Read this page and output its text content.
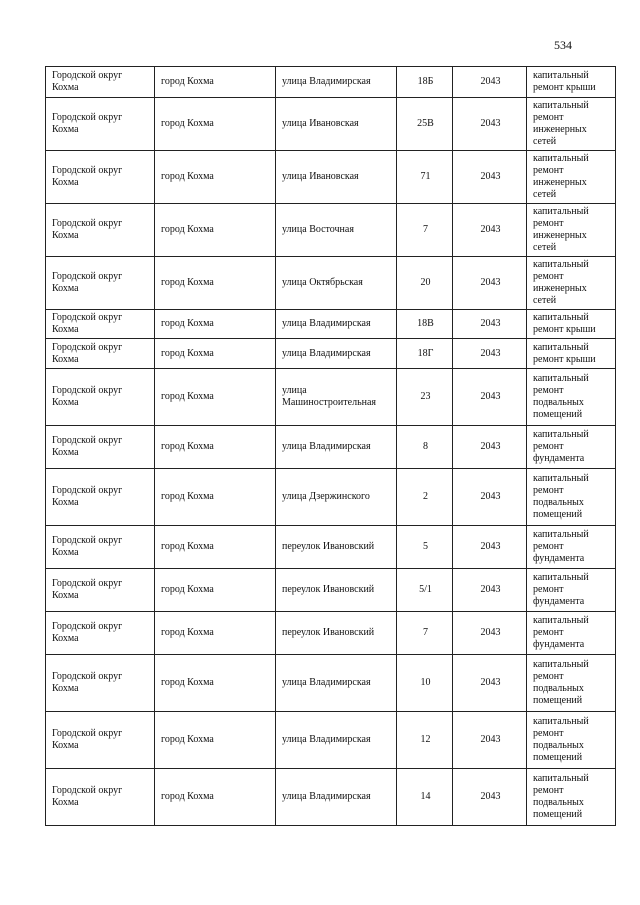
534
Городской округ Кохма	город Кохма	улица Владимирская	18Б	2043	капитальный ремонт крыши
Городской округ Кохма	город Кохма	улица Ивановская	25В	2043	капитальный ремонт инженерных сетей
Городской округ Кохма	город Кохма	улица Ивановская	71	2043	капитальный ремонт инженерных сетей
Городской округ Кохма	город Кохма	улица Восточная	7	2043	капитальный ремонт инженерных сетей
Городской округ Кохма	город Кохма	улица Октябрьская	20	2043	капитальный ремонт инженерных сетей
Городской округ Кохма	город Кохма	улица Владимирская	18В	2043	капитальный ремонт крыши
Городской округ Кохма	город Кохма	улица Владимирская	18Г	2043	капитальный ремонт крыши
Городской округ Кохма	город Кохма	улица Машиностроительная	23	2043	капитальный ремонт подвальных помещений
Городской округ Кохма	город Кохма	улица Владимирская	8	2043	капитальный ремонт фундамента
Городской округ Кохма	город Кохма	улица Дзержинского	2	2043	капитальный ремонт подвальных помещений
Городской округ Кохма	город Кохма	переулок Ивановский	5	2043	капитальный ремонт фундамента
Городской округ Кохма	город Кохма	переулок Ивановский	5/1	2043	капитальный ремонт фундамента
Городской округ Кохма	город Кохма	переулок Ивановский	7	2043	капитальный ремонт фундамента
Городской округ Кохма	город Кохма	улица Владимирская	10	2043	капитальный ремонт подвальных помещений
Городской округ Кохма	город Кохма	улица Владимирская	12	2043	капитальный ремонт подвальных помещений
Городской округ Кохма	город Кохма	улица Владимирская	14	2043	капитальный ремонт подвальных помещений
